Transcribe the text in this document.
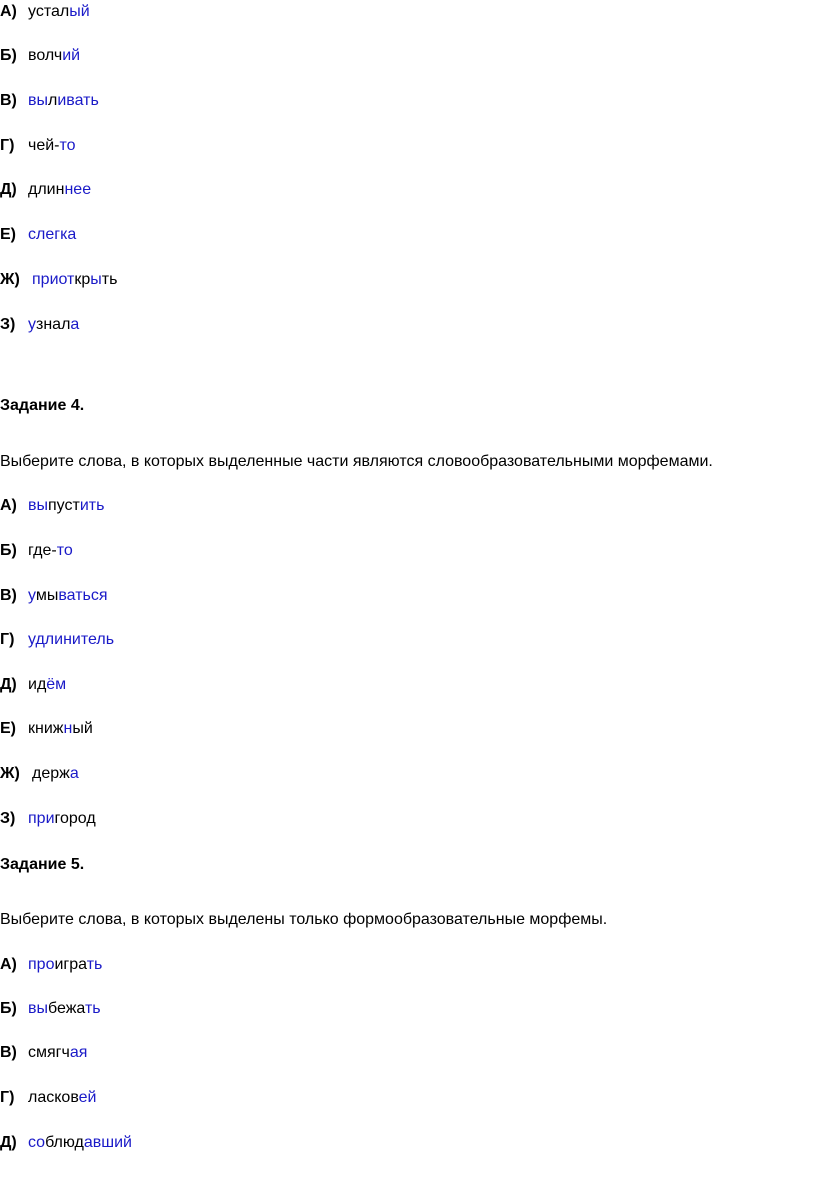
А) усталый
Б) волчий
В) выливать
Г) чей-то
Д) длиннее
Е) слегка
Ж) приоткрыть
З) узнала
Задание 4.
Выберите слова, в которых выделенные части являются словообразовательными морфемами.
А) выпустить
Б) где-то
В) умываться
Г) удлинитель
Д) идём
Е) книжный
Ж) держа
З) пригород
Задание 5.
Выберите слова, в которых выделены только формообразовательные морфемы.
А) проиграть
Б) выбежать
В) смягчая
Г) ласковей
Д) соблюдавший
